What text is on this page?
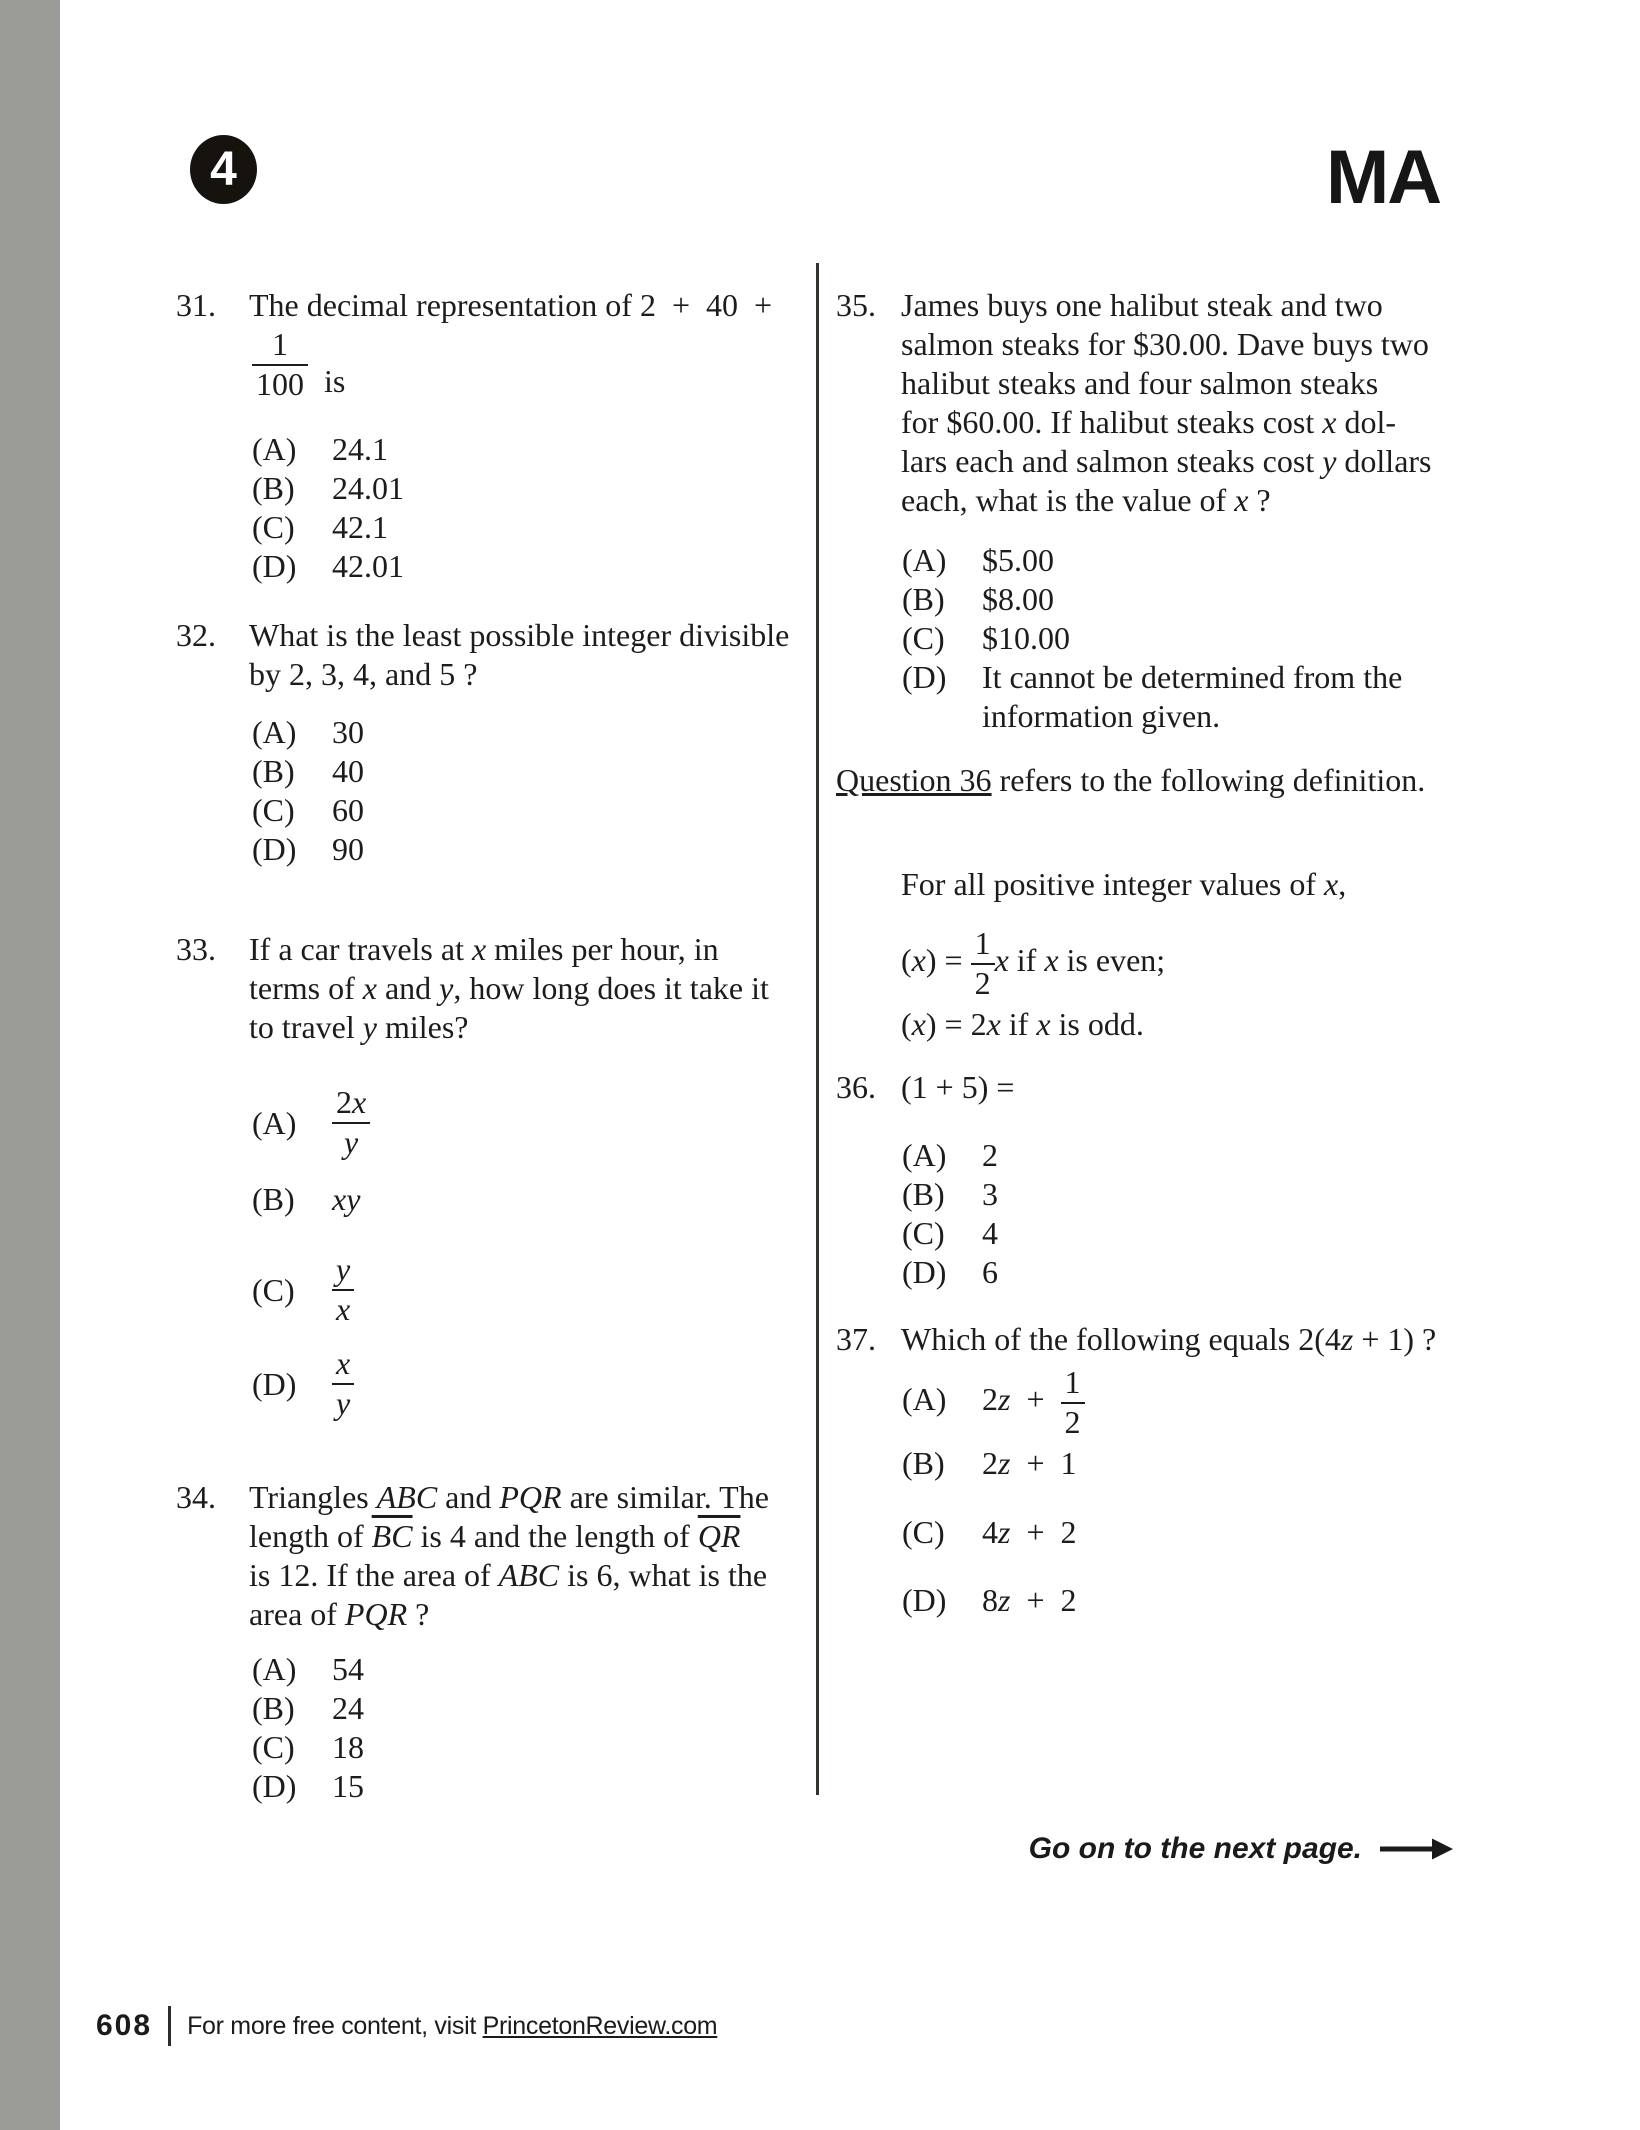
4	MA
31.	The decimal representation of 2  +  40  +
$\frac{1}{100}$ is
(A)	24.1
(B)	24.01
(C)	42.1
(D)	42.01
32.	What is the least possible integer divisible
by 2, 3, 4, and 5 ?
(A)	30
(B)	40
(C)	60
(D)	90
33.	If a car travels at x miles per hour, in
terms of x and y, how long does it take it
to travel y miles?
(A)	$\frac{2x}{y}$
(B)	xy
(C)	$\frac{y}{x}$
(D)	$\frac{x}{y}$
34.	Triangles ABC and PQR are similar. The
length of $\overline{BC}$ is 4 and the length of $\overline{QR}$
is 12. If the area of ABC is 6, what is the
area of PQR ?
(A)	54
(B)	24
(C)	18
(D)	15
35. James buys one halibut steak and two
salmon steaks for $30.00. Dave buys two
halibut steaks and four salmon steaks
for $60.00. If halibut steaks cost x dol-
lars each and salmon steaks cost y dollars
each, what is the value of x ?
(A)	$5.00
(B)	$8.00
(C)	$10.00
(D)	It cannot be determined from the
information given.
Question 36 refers to the following definition.
For all positive integer values of x,
$(x) = \frac{1}{2}$ x if x is even;
(x) = 2x if x is odd.
36. (1 + 5) =
(A)	2
(B)	3
(C)	4
(D)	6
37. Which of the following equals 2(4z + 1) ?
(A)	$2z + \frac{1}{2}$
(B)	2z  +  1
(C)	4z  +  2
(D)	8z  +  2
Go on to the next page.
608 For more free content, visit PrincetonReview.com
